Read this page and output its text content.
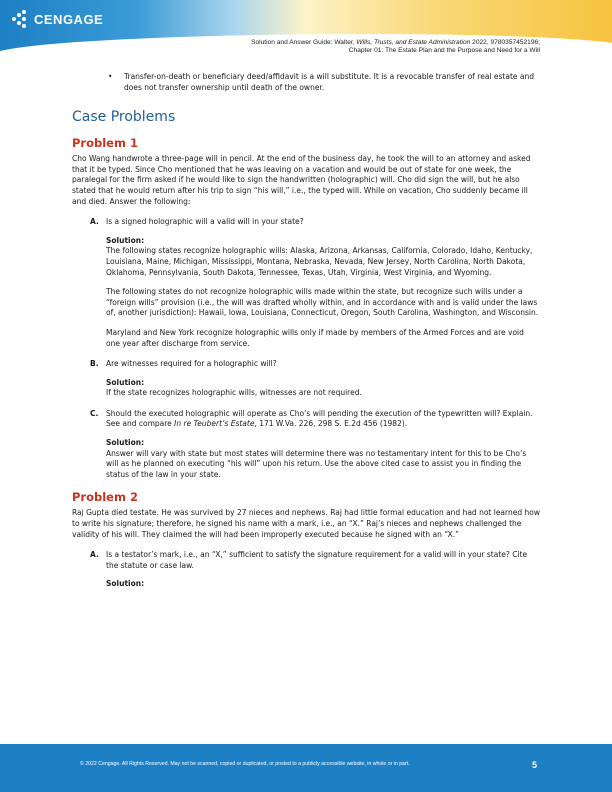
CENGAGE
Solution and Answer Guide: Walter, Wills, Trusts, and Estate Administration 2022, 9780357452196;
Chapter 01: The Estate Plan and the Purpose and Need for a Will
• Transfer-on-death or beneficiary deed/affidavit is a will substitute. It is a revocable transfer of real estate and does not transfer ownership until death of the owner.
Case Problems
Problem 1
Cho Wang handwrote a three-page will in pencil. At the end of the business day, he took the will to an attorney and asked that it be typed. Since Cho mentioned that he was leaving on a vacation and would be out of state for one week, the paralegal for the firm asked if he would like to sign the handwritten (holographic) will. Cho did sign the will, but he also stated that he would return after his trip to sign “his will,” i.e., the typed will. While on vacation, Cho suddenly became ill and died. Answer the following:
A. Is a signed holographic will a valid will in your state?
Solution:
The following states recognize holographic wills: Alaska, Arizona, Arkansas, California, Colorado, Idaho, Kentucky, Louisiana, Maine, Michigan, Mississippi, Montana, Nebraska, Nevada, New Jersey, North Carolina, North Dakota, Oklahoma, Pennsylvania, South Dakota, Tennessee, Texas, Utah, Virginia, West Virginia, and Wyoming.
The following states do not recognize holographic wills made within the state, but recognize such wills under a “foreign wills” provision (i.e., the will was drafted wholly within, and in accordance with and is valid under the laws of, another jurisdiction): Hawaii, Iowa, Louisiana, Connecticut, Oregon, South Carolina, Washington, and Wisconsin.
Maryland and New York recognize holographic wills only if made by members of the Armed Forces and are void one year after discharge from service.
B. Are witnesses required for a holographic will?
Solution:
If the state recognizes holographic wills, witnesses are not required.
C. Should the executed holographic will operate as Cho’s will pending the execution of the typewritten will? Explain. See and compare In re Teubert’s Estate, 171 W.Va. 226, 298 S. E.2d 456 (1982).
Solution:
Answer will vary with state but most states will determine there was no testamentary intent for this to be Cho’s will as he planned on executing “his will” upon his return. Use the above cited case to assist you in finding the status of the law in your state.
Problem 2
Raj Gupta died testate. He was survived by 27 nieces and nephews. Raj had little formal education and had not learned how to write his signature; therefore, he signed his name with a mark, i.e., an “X.” Raj’s nieces and nephews challenged the validity of his will. They claimed the will had been improperly executed because he signed with an “X.”
A. Is a testator’s mark, i.e., an “X,” sufficient to satisfy the signature requirement for a valid will in your state? Cite the statute or case law.
Solution:
© 2022 Cengage. All Rights Reserved. May not be scanned, copied or duplicated, or posted to a publicly accessible website, in whole or in part.	5
